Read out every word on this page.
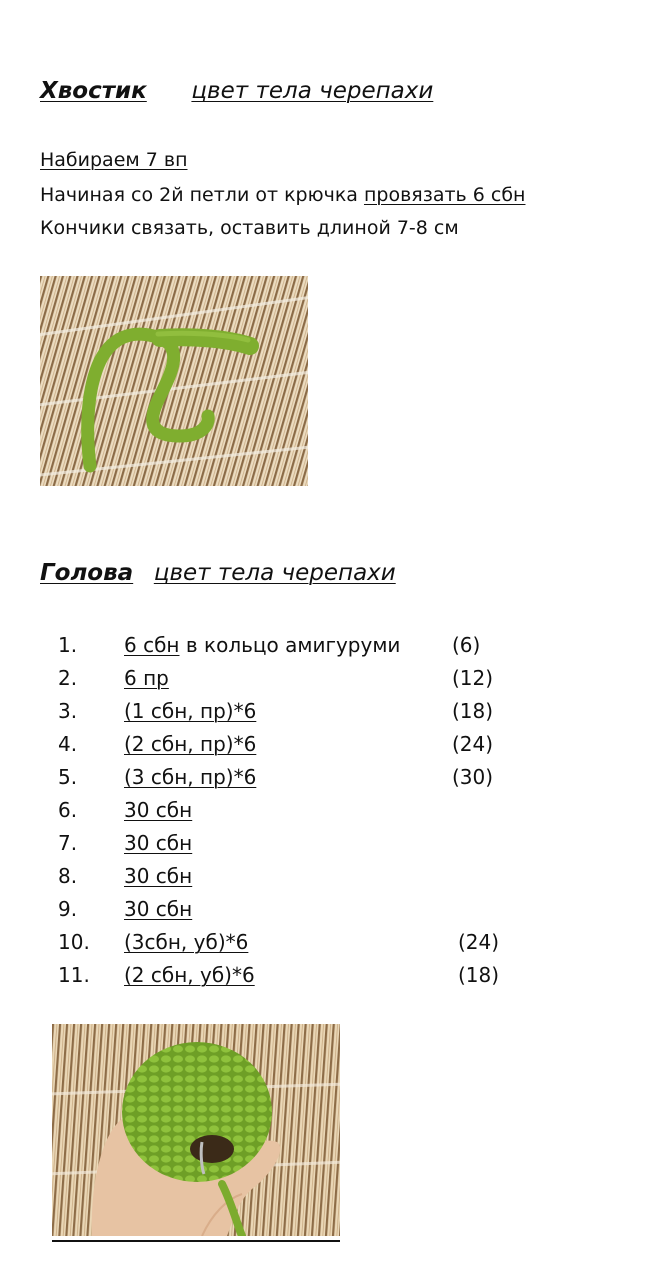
Хвостик цвет тела черепахи
Набираем 7 вп
Начиная со 2й петли от крючка провязать 6 сбн
Кончики связать, оставить длиной 7-8 см
Голова цвет тела черепахи
1. 6 сбн в кольцо амигуруми	(6)
2. 6 пр	(12)
3. (1 сбн, пр)*6	(18)
4. (2 сбн, пр)*6	(24)
5. (3 сбн, пр)*6	(30)
6. 30 сбн
7. 30 сбн
8. 30 сбн
9. 30 сбн
10. (3сбн, уб)*6	(24)
11. (2 сбн, уб)*6	(18)
